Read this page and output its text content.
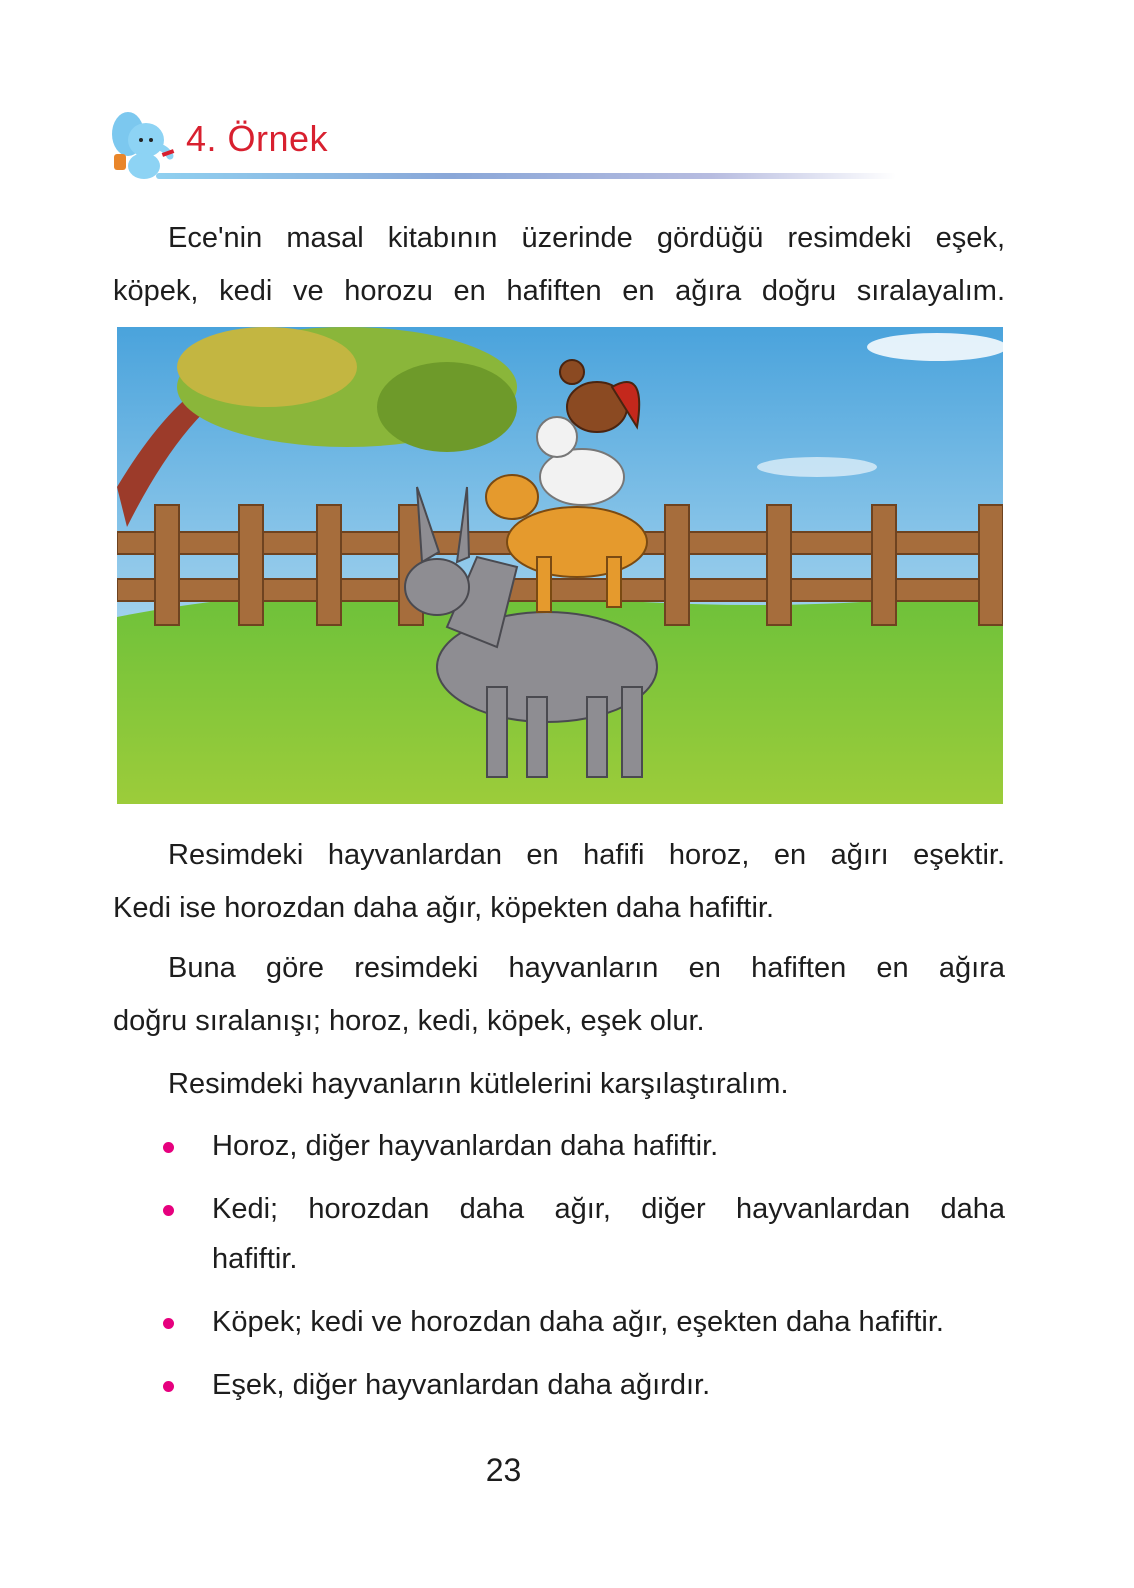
4. Örnek
Ece'nin masal kitabının üzerinde gördüğü resimdeki eşek,
köpek, kedi ve horozu en hafiften en ağıra doğru sıralayalım.
Resimdeki hayvanlardan en hafifi horoz, en ağırı eşektir.
Kedi ise horozdan daha ağır, köpekten daha hafiftir.
Buna göre resimdeki hayvanların en hafiften en ağıra
doğru sıralanışı; horoz, kedi, köpek, eşek olur.
Resimdeki hayvanların kütlelerini karşılaştıralım.
Horoz, diğer hayvanlardan daha hafiftir.
Kedi; horozdan daha ağır, diğer hayvanlardan daha
hafiftir.
Köpek; kedi ve horozdan daha ağır, eşekten daha hafiftir.
Eşek, diğer hayvanlardan daha ağırdır.
23
